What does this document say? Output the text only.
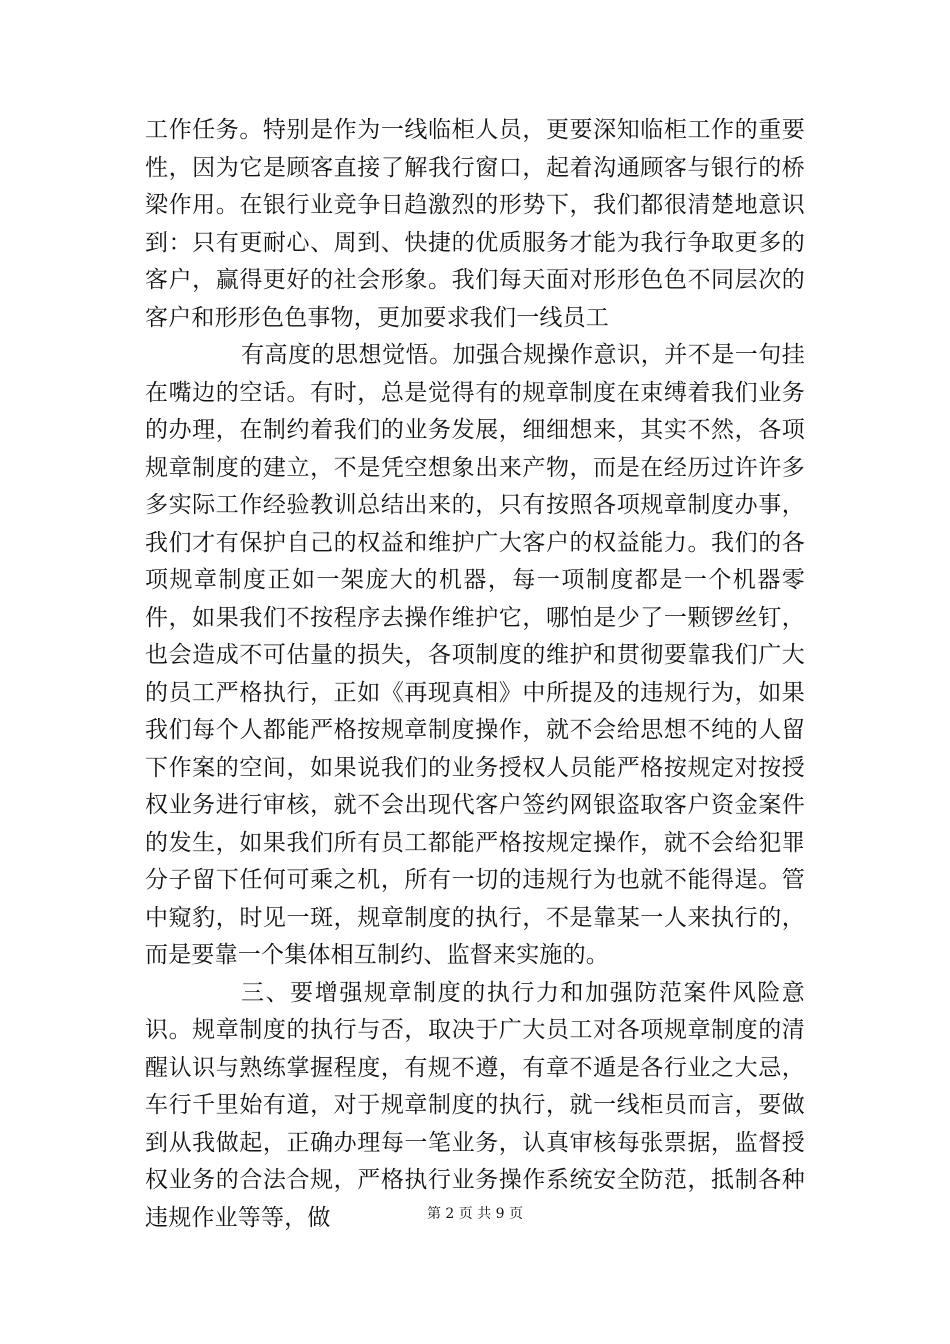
工作任务。特别是作为一线临柜人员，更要深知临柜工作的重要性，因为它是顾客直接了解我行窗口，起着沟通顾客与银行的桥梁作用。在银行业竞争日趋激烈的形势下，我们都很清楚地意识到：只有更耐心、周到、快捷的优质服务才能为我行争取更多的客户，赢得更好的社会形象。我们每天面对形形色色不同层次的客户和形形色色事物，更加要求我们一线员工

有高度的思想觉悟。加强合规操作意识，并不是一句挂在嘴边的空话。有时，总是觉得有的规章制度在束缚着我们业务的办理，在制约着我们的业务发展，细细想来，其实不然，各项规章制度的建立，不是凭空想象出来产物，而是在经历过许许多多实际工作经验教训总结出来的，只有按照各项规章制度办事，我们才有保护自己的权益和维护广大客户的权益能力。我们的各项规章制度正如一架庞大的机器，每一项制度都是一个机器零件，如果我们不按程序去操作维护它，哪怕是少了一颗锣丝钉，也会造成不可估量的损失，各项制度的维护和贯彻要靠我们广大的员工严格执行，正如《再现真相》中所提及的违规行为，如果我们每个人都能严格按规章制度操作，就不会给思想不纯的人留下作案的空间，如果说我们的业务授权人员能严格按规定对按授权业务进行审核，就不会出现代客户签约网银盗取客户资金案件的发生，如果我们所有员工都能严格按规定操作，就不会给犯罪分子留下任何可乘之机，所有一切的违规行为也就不能得逞。管中窥豹，时见一斑，规章制度的执行，不是靠某一人来执行的，而是要靠一个集体相互制约、监督来实施的。

三、要增强规章制度的执行力和加强防范案件风险意识。规章制度的执行与否，取决于广大员工对各项规章制度的清醒认识与熟练掌握程度，有规不遵，有章不遁是各行业之大忌，车行千里始有道，对于规章制度的执行，就一线柜员而言，要做到从我做起，正确办理每一笔业务，认真审核每张票据，监督授权业务的合法合规，严格执行业务操作系统安全防范，抵制各种违规作业等等，做	第 2 页 共 9 页
